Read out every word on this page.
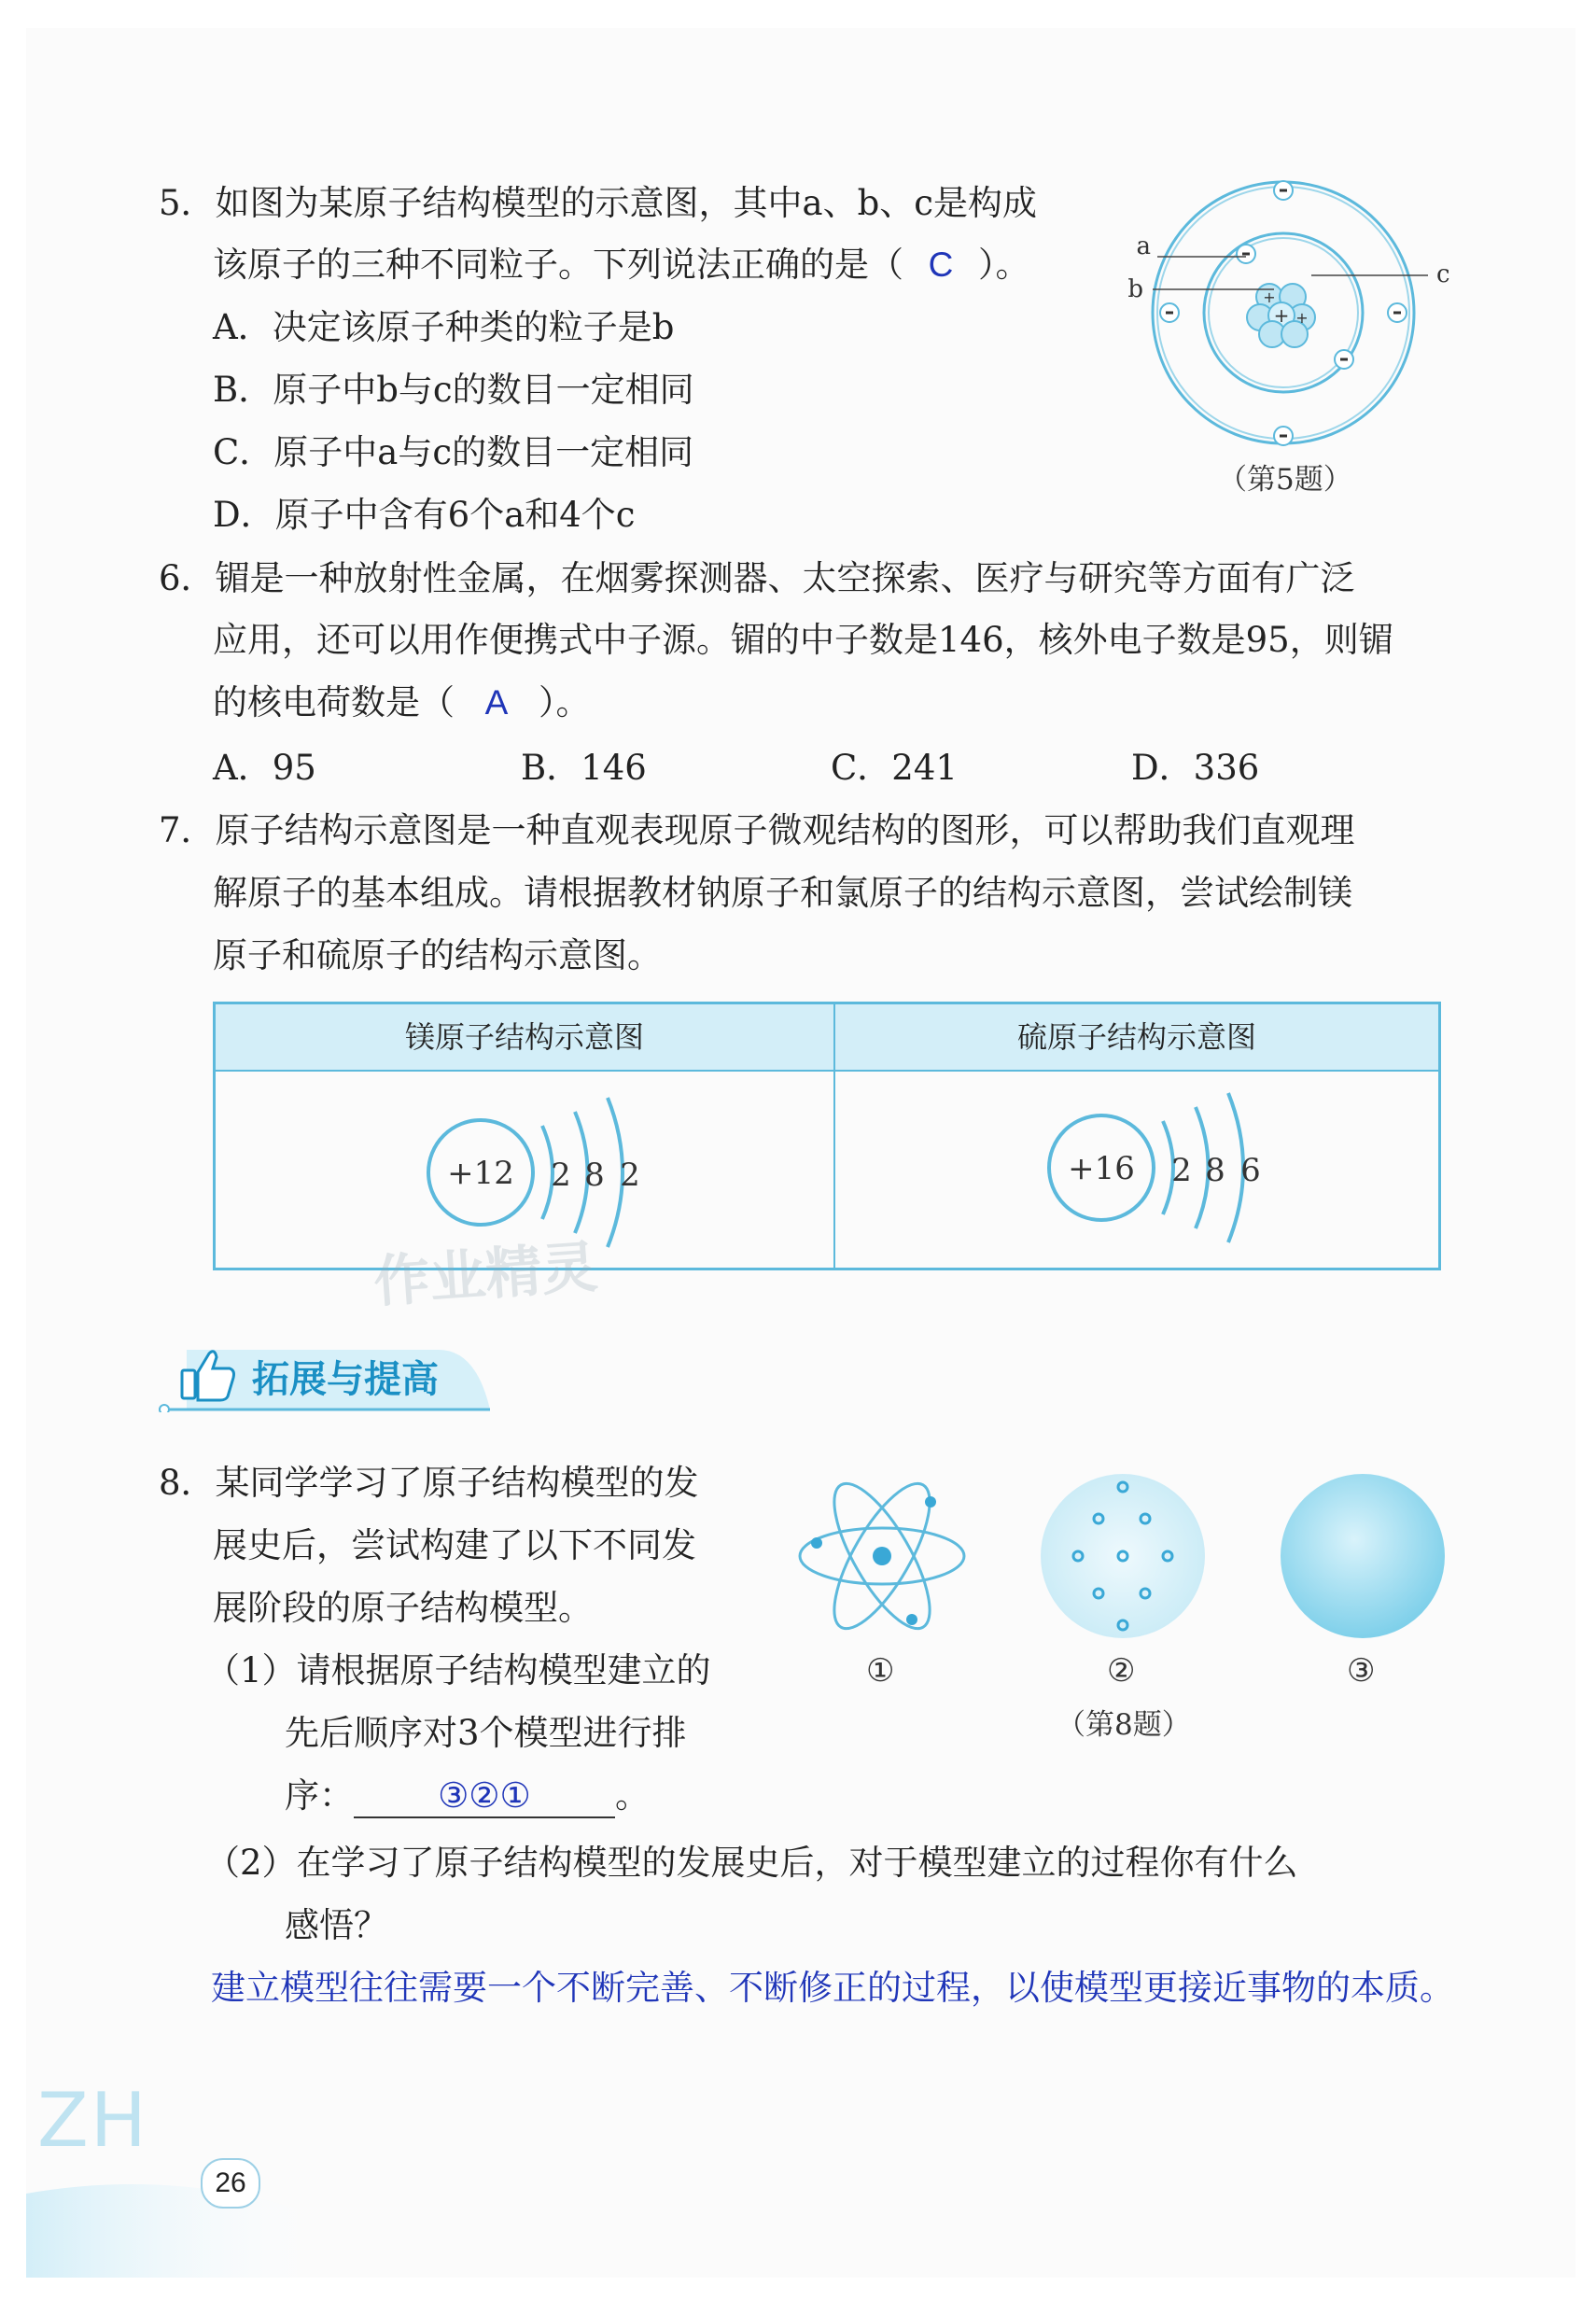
5．如图为某原子结构模型的示意图，其中a、b、c是构成
该原子的三种不同粒子。下列说法正确的是（ C ）。
A．决定该原子种类的粒子是b
B．原子中b与c的数目一定相同
C．原子中a与c的数目一定相同
D．原子中含有6个a和4个c
+
+
+
a
b
c
（第5题）
6．镅是一种放射性金属，在烟雾探测器、太空探索、医疗与研究等方面有广泛
应用，还可以用作便携式中子源。镅的中子数是146，核外电子数是95，则镅
的核电荷数是（ A ）。
A．95	B．146	C．241	D．336
7．原子结构示意图是一种直观表现原子微观结构的图形，可以帮助我们直观理
解原子的基本组成。请根据教材钠原子和氯原子的结构示意图，尝试绘制镁
原子和硫原子的结构示意图。
镁原子结构示意图	硫原子结构示意图
+12 2 8 2	+16 2 8 6
作业精灵
拓展与提高
8．某同学学习了原子结构模型的发
展史后，尝试构建了以下不同发
展阶段的原子结构模型。
（1）请根据原子结构模型建立的
先后顺序对3个模型进行排
序： ③②① 。
（2）在学习了原子结构模型的发展史后，对于模型建立的过程你有什么
感悟？
建立模型往往需要一个不断完善、不断修正的过程，以使模型更接近事物的本质。
①	②	③
（第8题）
ZH
26
